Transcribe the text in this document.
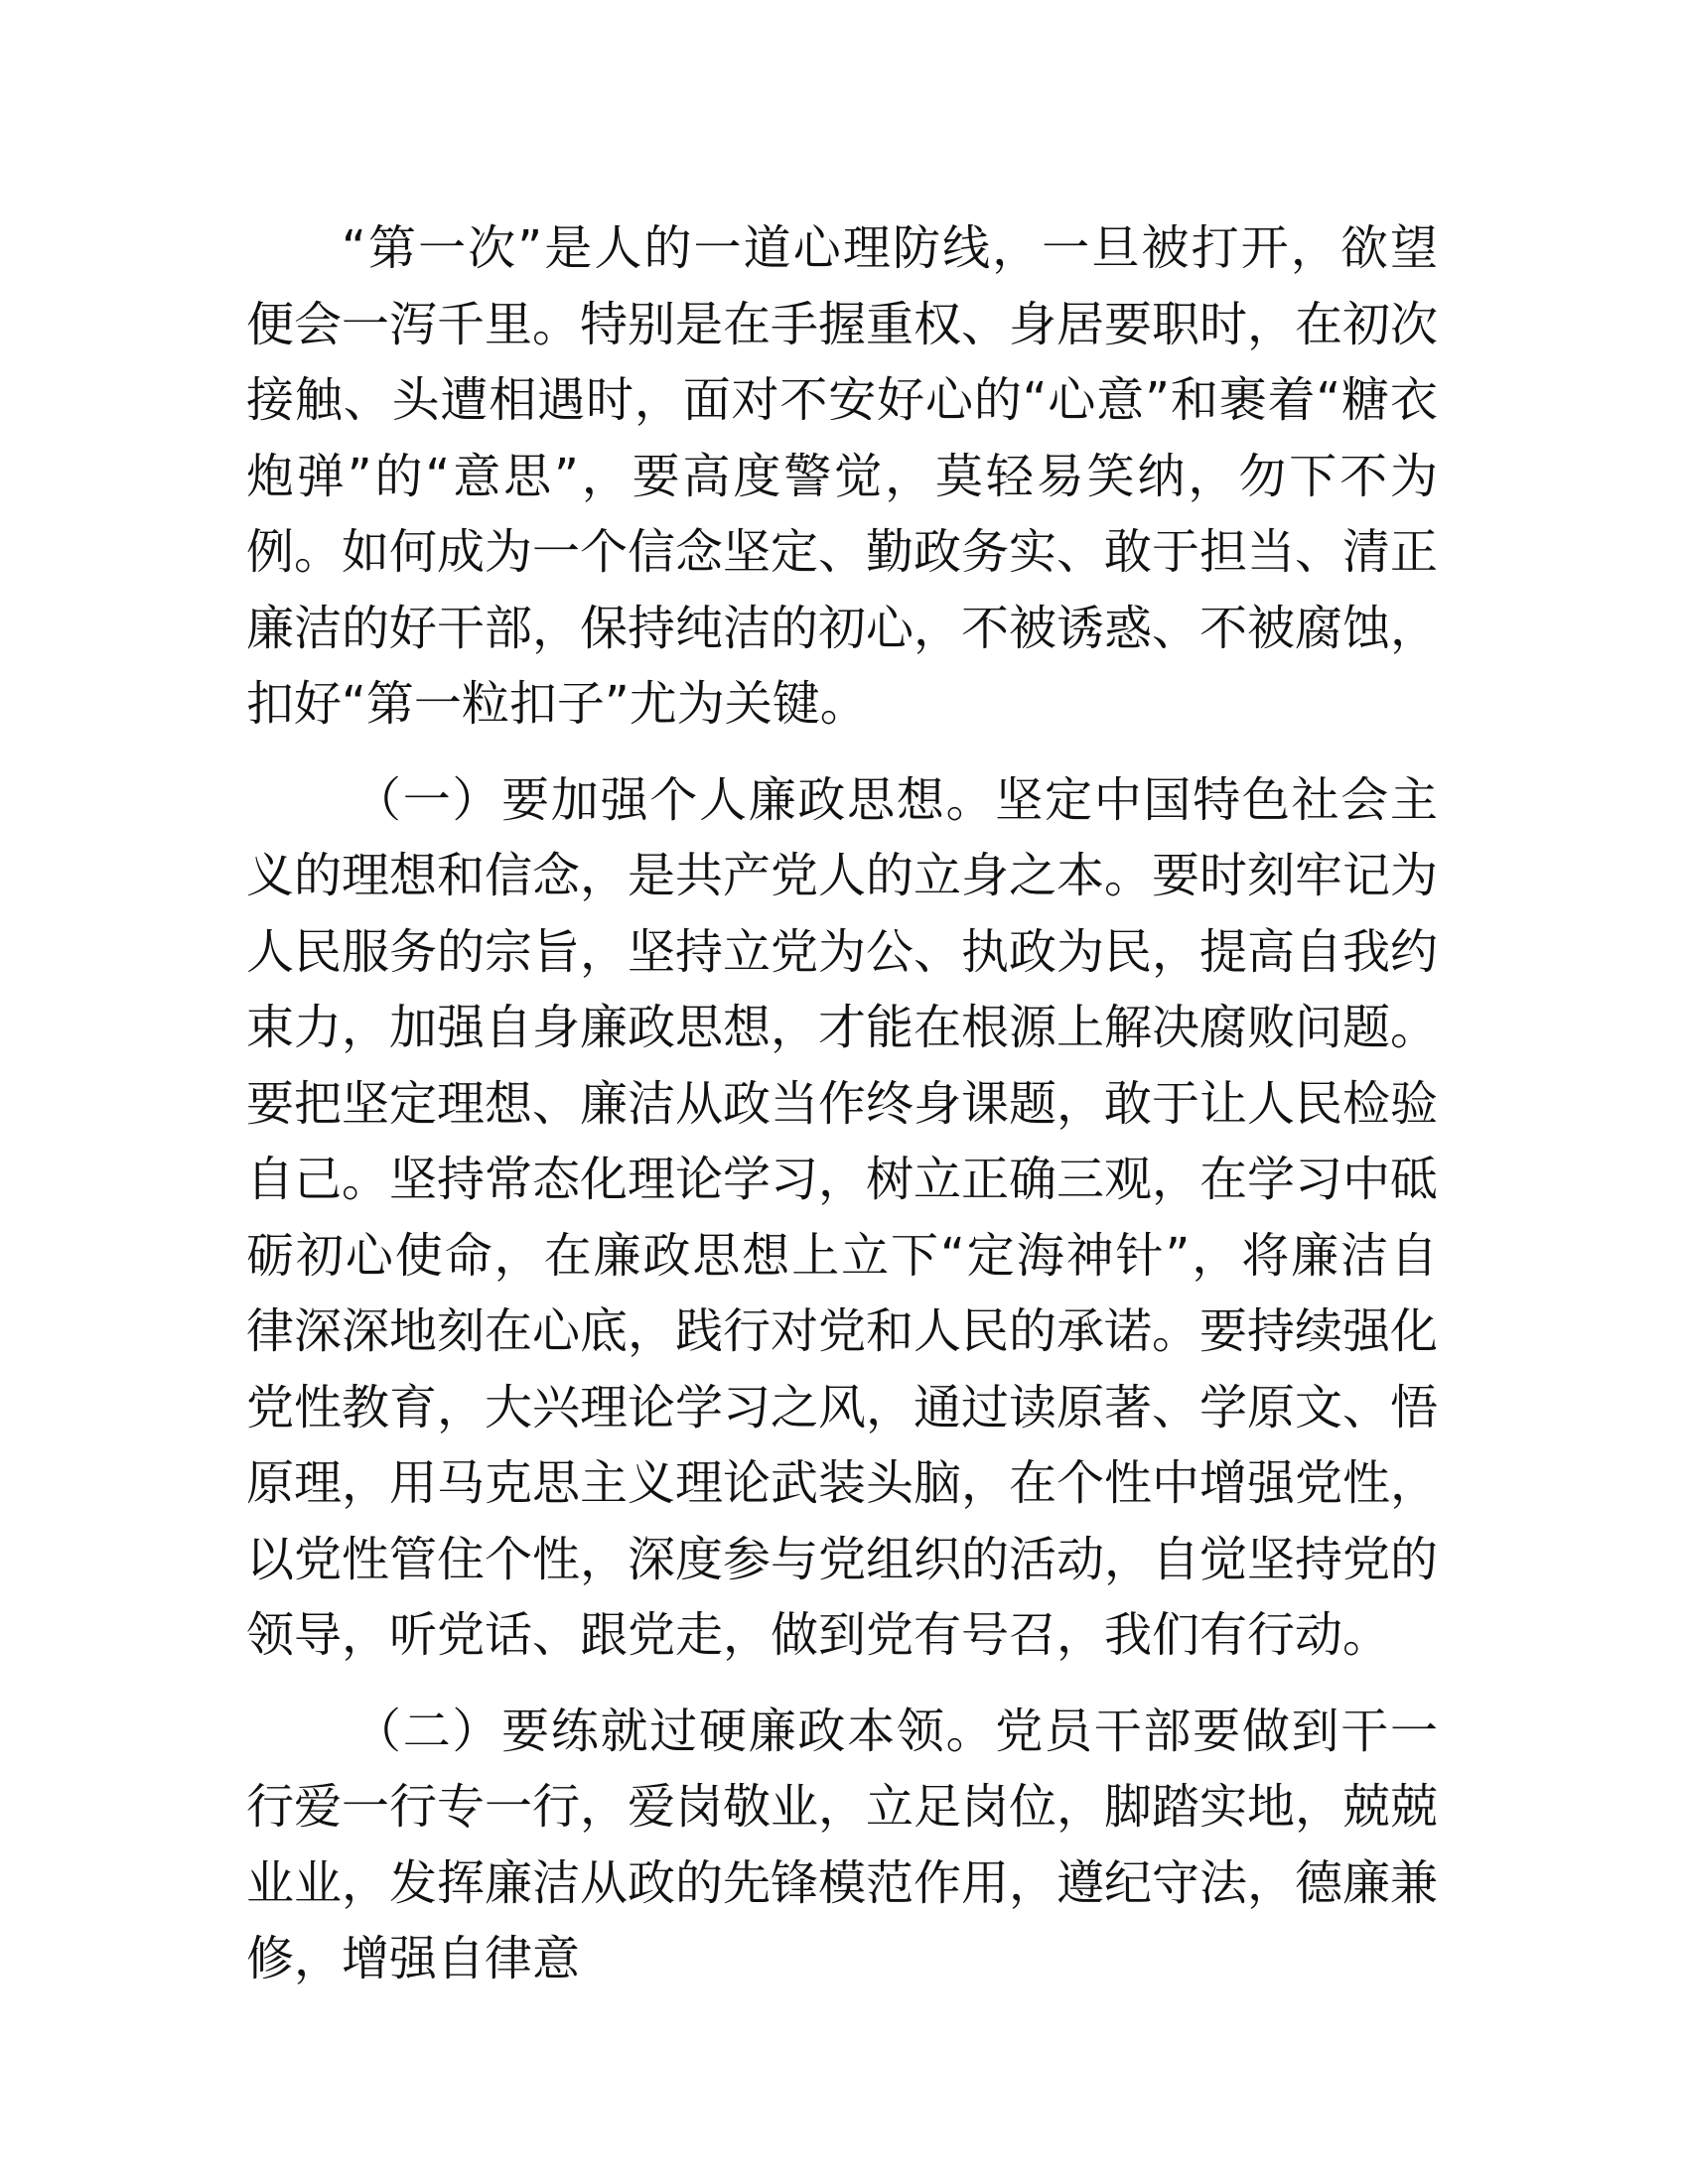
“第一次”是人的一道心理防线，一旦被打开，欲望便会一泻千里。特别是在手握重权、身居要职时，在初次接触、头遭相遇时，面对不安好心的“心意”和裹着“糖衣炮弹”的“意思”，要高度警觉，莫轻易笑纳，勿下不为例。如何成为一个信念坚定、勤政务实、敢于担当、清正廉洁的好干部，保持纯洁的初心，不被诱惑、不被腐蚀，扣好“第一粒扣子”尤为关键。

（一）要加强个人廉政思想。坚定中国特色社会主义的理想和信念，是共产党人的立身之本。要时刻牢记为人民服务的宗旨，坚持立党为公、执政为民，提高自我约束力，加强自身廉政思想，才能在根源上解决腐败问题。要把坚定理想、廉洁从政当作终身课题，敢于让人民检验自己。坚持常态化理论学习，树立正确三观，在学习中砥砺初心使命，在廉政思想上立下“定海神针”，将廉洁自律深深地刻在心底，践行对党和人民的承诺。要持续强化党性教育，大兴理论学习之风，通过读原著、学原文、悟原理，用马克思主义理论武装头脑，在个性中增强党性，以党性管住个性，深度参与党组织的活动，自觉坚持党的领导，听党话、跟党走，做到党有号召，我们有行动。

（二）要练就过硬廉政本领。党员干部要做到干一行爱一行专一行，爱岗敬业，立足岗位，脚踏实地，兢兢业业，发挥廉洁从政的先锋模范作用，遵纪守法，德廉兼修，增强自律意
